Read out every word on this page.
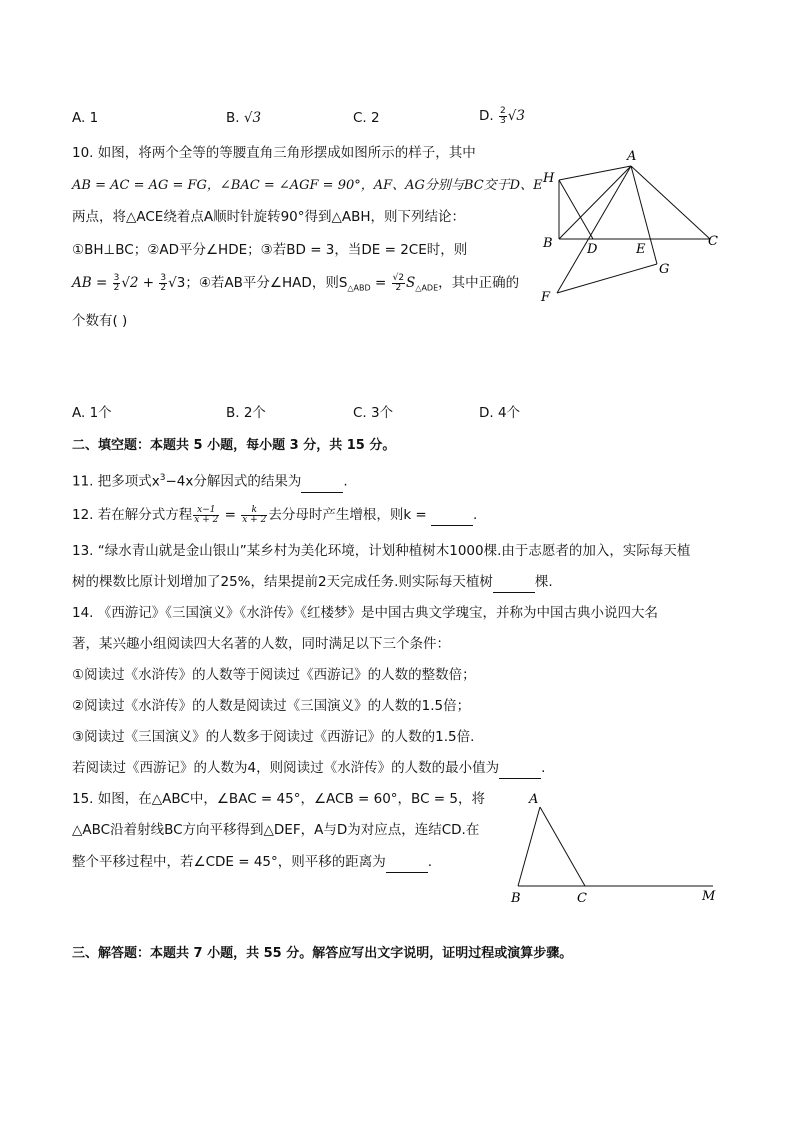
A. 1	B. √3	C. 2	D. $\frac{2}{3} √3$
10. 如图，将两个全等的等腰直角三角形摆成如图所示的样子，其中
AB = AC = AG = FG，∠BAC = ∠AGF = 90°，AF、AG分别与BC交于D、E
两点，将△ACE绕着点A顺时针旋转90°得到△ABH，则下列结论：
①BH⊥BC；②AD平分∠HDE；③若BD = 3，当DE = 2CE时，则
AB = $\frac{3}{2} √2 + \frac{3}{2} √3$；④若AB平分∠HAD，则$S_{\triangle ABD} = \frac{√2}{2} S_{\triangle ADE}$，其中正确的
个数有( )
A
H
B	D	E
C
G
F
A. 1个	B. 2个	C. 3个	D. 4个
二、填空题：本题共 5 小题，每小题 3 分，共 15 分。
11. 把多项式$x^3-4x$分解因式的结果为	.
12. 若在解分式方程 $\frac{x-1}{x + 2} = \frac{k}{x + 2}$ 去分母时产生增根，则k =	.
13. “绿水青山就是金山银山”某乡村为美化环境，计划种植树木1000棵.由于志愿者的加入，实际每天植
树的棵数比原计划增加了25%，结果提前2天完成任务.则实际每天植树	棵.
14. 《西游记》《三国演义》《水浒传》《红楼梦》是中国古典文学瑰宝，并称为中国古典小说四大名
著，某兴趣小组阅读四大名著的人数，同时满足以下三个条件：
①阅读过《水浒传》的人数等于阅读过《西游记》的人数的整数倍；
②阅读过《水浒传》的人数是阅读过《三国演义》的人数的1.5倍；
③阅读过《三国演义》的人数多于阅读过《西游记》的人数的1.5倍.
若阅读过《西游记》的人数为4，则阅读过《水浒传》的人数的最小值为	.
15. 如图，在△ABC中，∠BAC = 45°，∠ACB = 60°，BC = 5，将
△ABC沿着射线BC方向平移得到△DEF，A与D为对应点，连结CD.在
整个平移过程中，若∠CDE = 45°，则平移的距离为	.
A
B	C	M
三、解答题：本题共 7 小题，共 55 分。解答应写出文字说明，证明过程或演算步骤。
